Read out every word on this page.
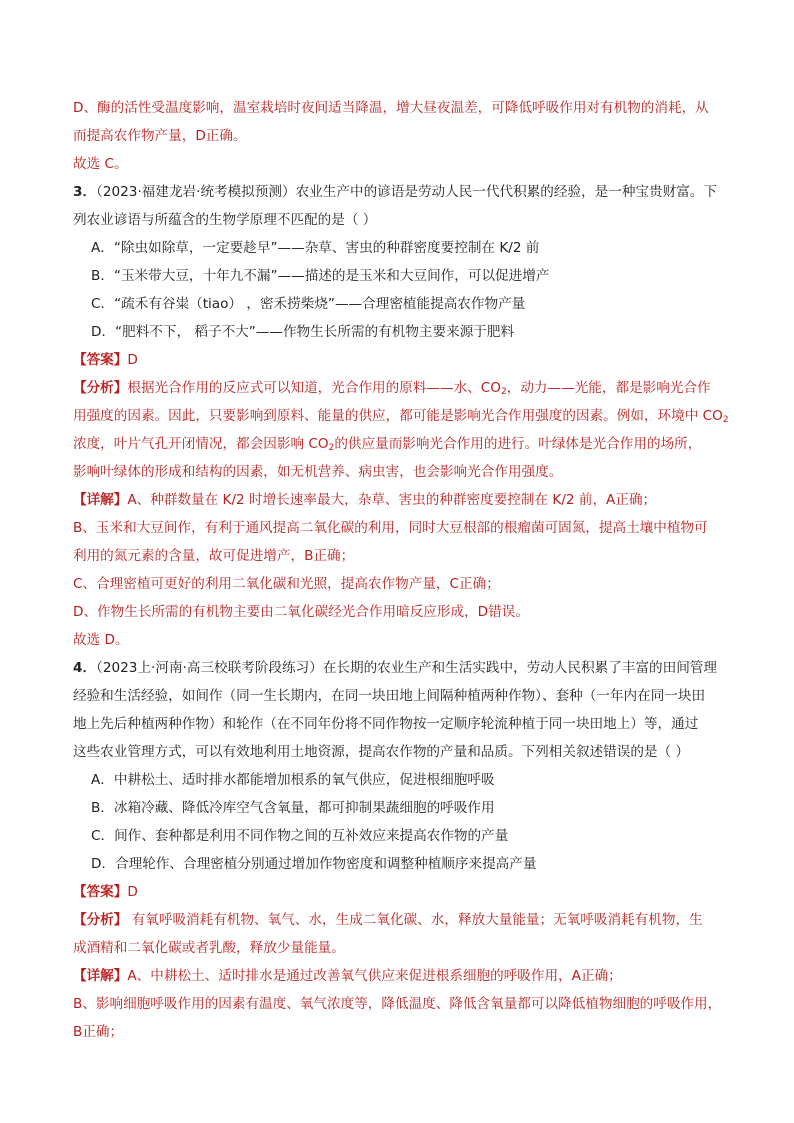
D、酶的活性受温度影响，温室栽培时夜间适当降温，增大昼夜温差，可降低呼吸作用对有机物的消耗，从
而提高农作物产量，D正确。
故选 C。
3．（2023·福建龙岩·统考模拟预测）农业生产中的谚语是劳动人民一代代积累的经验，是一种宝贵财富。下
列农业谚语与所蕴含的生物学原理不匹配的是（ ）
A．“除虫如除草，一定要趁早”——杂草、害虫的种群密度要控制在 K/2 前
B．“玉米带大豆，十年九不漏”——描述的是玉米和大豆间作，可以促进增产
C．“疏禾有谷粜（tiao） ，密禾捞柴烧”——合理密植能提高农作物产量
D．“肥料不下， 稻子不大”——作物生长所需的有机物主要来源于肥料
【答案】D
【分析】根据光合作用的反应式可以知道，光合作用的原料——水、$CO_2$，动力——光能，都是影响光合作
用强度的因素。因此，只要影响到原料、能量的供应，都可能是影响光合作用强度的因素。例如，环境中 $CO_2$
浓度，叶片气孔开闭情况，都会因影响 $CO_2$的供应量而影响光合作用的进行。叶绿体是光合作用的场所，
影响叶绿体的形成和结构的因素，如无机营养、病虫害，也会影响光合作用强度。
【详解】A、种群数量在 K/2 时增长速率最大，杂草、害虫的种群密度要控制在 K/2 前，A正确；
B、玉米和大豆间作，有利于通风提高二氧化碳的利用，同时大豆根部的根瘤菌可固氮，提高土壤中植物可
利用的氮元素的含量，故可促进增产，B正确；
C、合理密植可更好的利用二氧化碳和光照，提高农作物产量，C正确；
D、作物生长所需的有机物主要由二氧化碳经光合作用暗反应形成，D错误。
故选 D。
4．（2023上·河南·高三校联考阶段练习）在长期的农业生产和生活实践中，劳动人民积累了丰富的田间管理
经验和生活经验，如间作（同一生长期内，在同一块田地上间隔种植两种作物）、套种（一年内在同一块田
地上先后种植两种作物）和轮作（在不同年份将不同作物按一定顺序轮流种植于同一块田地上）等，通过
这些农业管理方式，可以有效地利用土地资源，提高农作物的产量和品质。下列相关叙述错误的是（ ）
A．中耕松土、适时排水都能增加根系的氧气供应，促进根细胞呼吸
B．冰箱冷藏、降低冷库空气含氧量，都可抑制果蔬细胞的呼吸作用
C．间作、套种都是利用不同作物之间的互补效应来提高农作物的产量
D．合理轮作、合理密植分别通过增加作物密度和调整种植顺序来提高产量
【答案】D
【分析】 有氧呼吸消耗有机物、氧气、水，生成二氧化碳、水，释放大量能量；无氧呼吸消耗有机物，生
成酒精和二氧化碳或者乳酸，释放少量能量。
【详解】A、中耕松土、适时排水是通过改善氧气供应来促进根系细胞的呼吸作用，A正确；
B、影响细胞呼吸作用的因素有温度、氧气浓度等，降低温度、降低含氧量都可以降低植物细胞的呼吸作用，
B正确；
